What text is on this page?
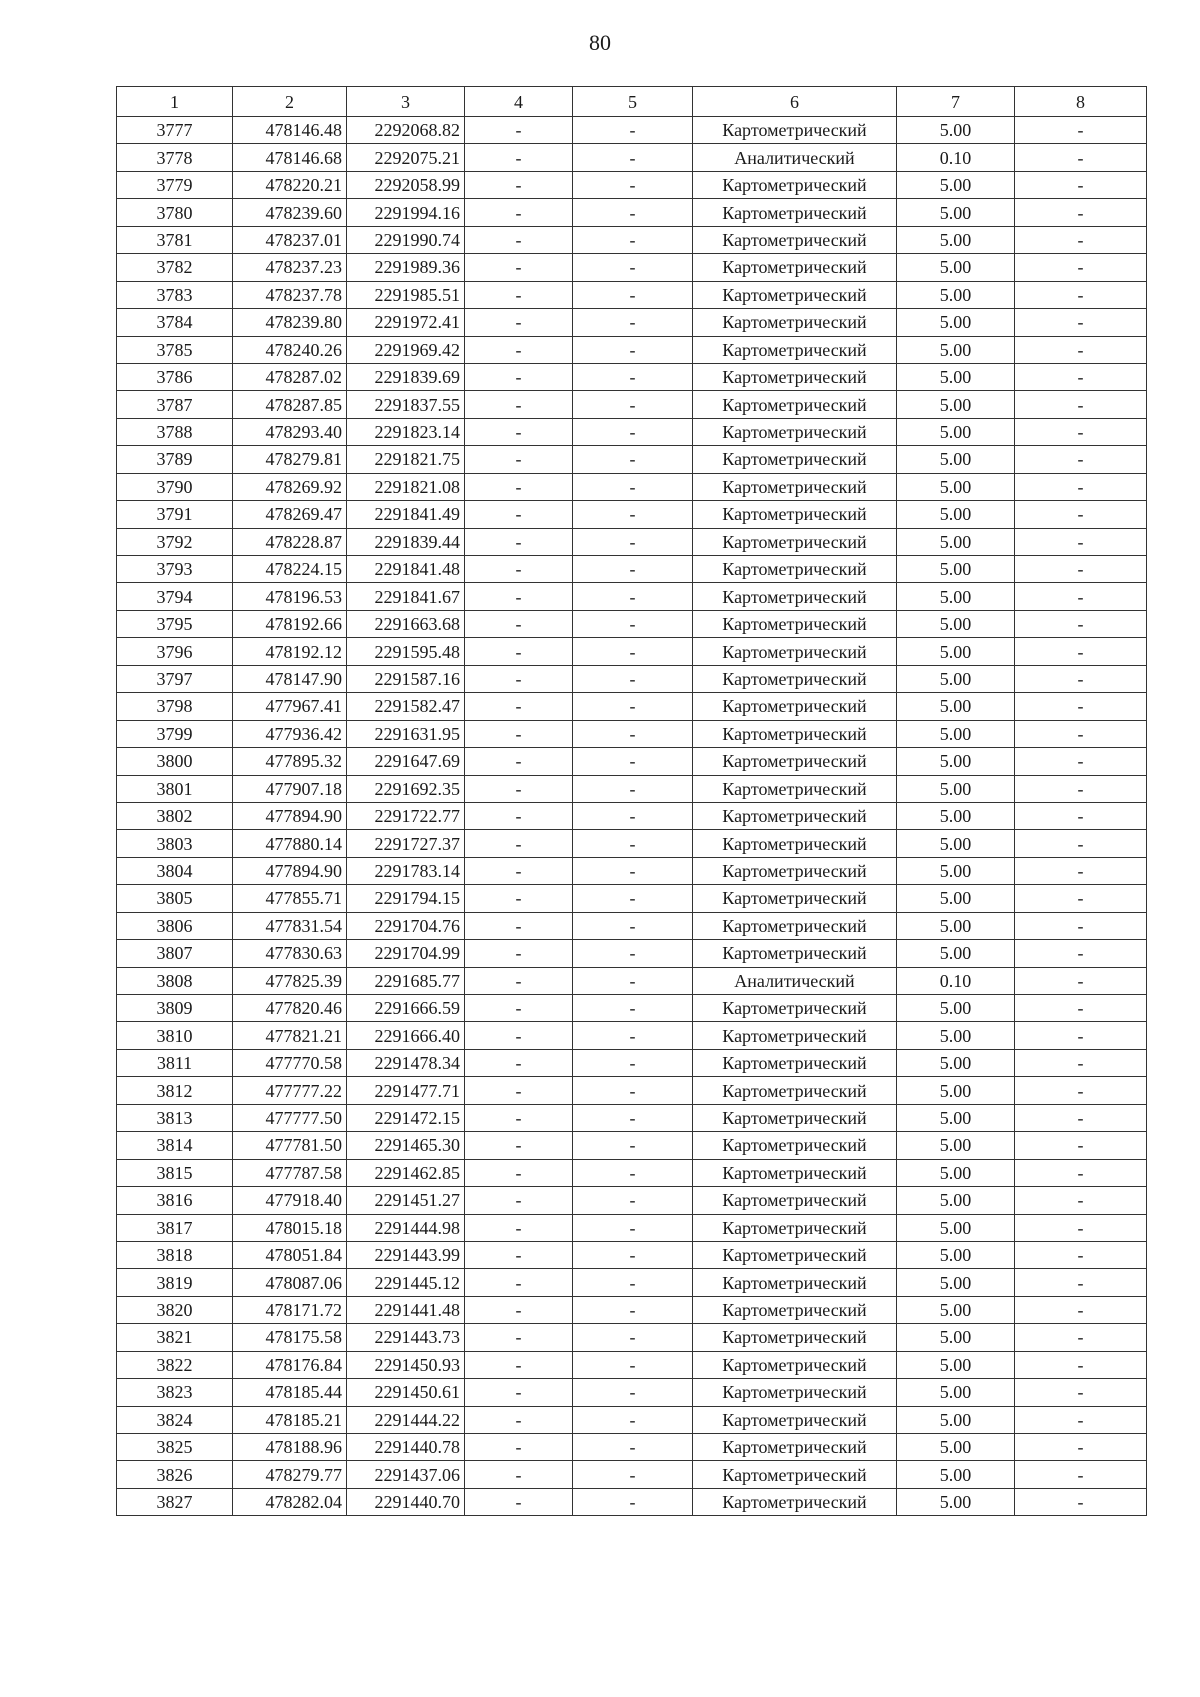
80
1	2	3	4	5	6	7	8
3777	478146.48	2292068.82	-	-	Картометрический	5.00	-
3778	478146.68	2292075.21	-	-	Аналитический	0.10	-
3779	478220.21	2292058.99	-	-	Картометрический	5.00	-
3780	478239.60	2291994.16	-	-	Картометрический	5.00	-
3781	478237.01	2291990.74	-	-	Картометрический	5.00	-
3782	478237.23	2291989.36	-	-	Картометрический	5.00	-
3783	478237.78	2291985.51	-	-	Картометрический	5.00	-
3784	478239.80	2291972.41	-	-	Картометрический	5.00	-
3785	478240.26	2291969.42	-	-	Картометрический	5.00	-
3786	478287.02	2291839.69	-	-	Картометрический	5.00	-
3787	478287.85	2291837.55	-	-	Картометрический	5.00	-
3788	478293.40	2291823.14	-	-	Картометрический	5.00	-
3789	478279.81	2291821.75	-	-	Картометрический	5.00	-
3790	478269.92	2291821.08	-	-	Картометрический	5.00	-
3791	478269.47	2291841.49	-	-	Картометрический	5.00	-
3792	478228.87	2291839.44	-	-	Картометрический	5.00	-
3793	478224.15	2291841.48	-	-	Картометрический	5.00	-
3794	478196.53	2291841.67	-	-	Картометрический	5.00	-
3795	478192.66	2291663.68	-	-	Картометрический	5.00	-
3796	478192.12	2291595.48	-	-	Картометрический	5.00	-
3797	478147.90	2291587.16	-	-	Картометрический	5.00	-
3798	477967.41	2291582.47	-	-	Картометрический	5.00	-
3799	477936.42	2291631.95	-	-	Картометрический	5.00	-
3800	477895.32	2291647.69	-	-	Картометрический	5.00	-
3801	477907.18	2291692.35	-	-	Картометрический	5.00	-
3802	477894.90	2291722.77	-	-	Картометрический	5.00	-
3803	477880.14	2291727.37	-	-	Картометрический	5.00	-
3804	477894.90	2291783.14	-	-	Картометрический	5.00	-
3805	477855.71	2291794.15	-	-	Картометрический	5.00	-
3806	477831.54	2291704.76	-	-	Картометрический	5.00	-
3807	477830.63	2291704.99	-	-	Картометрический	5.00	-
3808	477825.39	2291685.77	-	-	Аналитический	0.10	-
3809	477820.46	2291666.59	-	-	Картометрический	5.00	-
3810	477821.21	2291666.40	-	-	Картометрический	5.00	-
3811	477770.58	2291478.34	-	-	Картометрический	5.00	-
3812	477777.22	2291477.71	-	-	Картометрический	5.00	-
3813	477777.50	2291472.15	-	-	Картометрический	5.00	-
3814	477781.50	2291465.30	-	-	Картометрический	5.00	-
3815	477787.58	2291462.85	-	-	Картометрический	5.00	-
3816	477918.40	2291451.27	-	-	Картометрический	5.00	-
3817	478015.18	2291444.98	-	-	Картометрический	5.00	-
3818	478051.84	2291443.99	-	-	Картометрический	5.00	-
3819	478087.06	2291445.12	-	-	Картометрический	5.00	-
3820	478171.72	2291441.48	-	-	Картометрический	5.00	-
3821	478175.58	2291443.73	-	-	Картометрический	5.00	-
3822	478176.84	2291450.93	-	-	Картометрический	5.00	-
3823	478185.44	2291450.61	-	-	Картометрический	5.00	-
3824	478185.21	2291444.22	-	-	Картометрический	5.00	-
3825	478188.96	2291440.78	-	-	Картометрический	5.00	-
3826	478279.77	2291437.06	-	-	Картометрический	5.00	-
3827	478282.04	2291440.70	-	-	Картометрический	5.00	-
